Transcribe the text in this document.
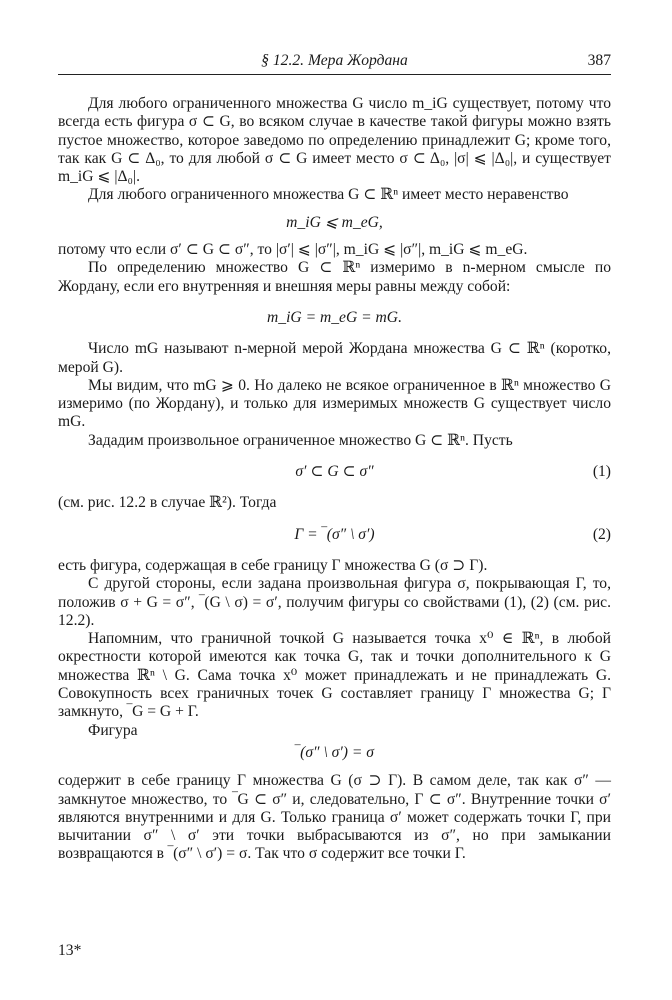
§ 12.2. Мера Жордана	387

Для любого ограниченного множества G число m_iG существует, потому что всегда есть фигура σ ⊂ G, во всяком случае в качестве такой фигуры можно взять пустое множество, которое заведомо по определению принадлежит G; кроме того, так как G ⊂ Δ₀, то для любой σ ⊂ G имеет место σ ⊂ Δ₀, |σ| ⩽ |Δ₀|, и существует m_iG ⩽ |Δ₀|.

Для любого ограниченного множества G ⊂ ℝⁿ имеет место неравенство

m_iG ⩽ m_eG,

потому что если σ′ ⊂ G ⊂ σ″, то |σ′| ⩽ |σ″|, m_iG ⩽ |σ″|, m_iG ⩽ m_eG.

По определению множество G ⊂ ℝⁿ измеримо в n-мерном смысле по Жордану, если его внутренняя и внешняя меры равны между собой:

m_iG = m_eG = mG.

Число mG называют n-мерной мерой Жордана множества G ⊂ ℝⁿ (коротко, мерой G).

Мы видим, что mG ⩾ 0. Но далеко не всякое ограниченное в ℝⁿ множество G измеримо (по Жордану), и только для измеримых множеств G существует число mG.

Зададим произвольное ограниченное множество G ⊂ ℝⁿ. Пусть

σ′ ⊂ G ⊂ σ″	(1)

(см. рис. 12.2 в случае ℝ²). Тогда

Γ = ‾(σ″ \ σ′)	(2)

есть фигура, содержащая в себе границу Γ множества G (σ ⊃ Γ).

С другой стороны, если задана произвольная фигура σ, покрывающая Γ, то, положив σ + G = σ″, ‾(G \ σ) = σ′, получим фигуры со свойствами (1), (2) (см. рис. 12.2).

Напомним, что граничной точкой G называется точка x⁰ ∈ ℝⁿ, в любой окрестности которой имеются как точка G, так и точки дополнительного к G множества ℝⁿ \ G. Сама точка x⁰ может принадлежать и не принадлежать G. Совокупность всех граничных точек G составляет границу Γ множества G; Γ замкнуто, ‾G = G + Γ.

Фигура

‾(σ″ \ σ′) = σ

содержит в себе границу Γ множества G (σ ⊃ Γ). В самом деле, так как σ″ — замкнутое множество, то ‾G ⊂ σ″ и, следовательно, Γ ⊂ σ″. Внутренние точки σ′ являются внутренними и для G. Только граница σ′ может содержать точки Γ, при вычитании σ″ \ σ′ эти точки выбрасываются из σ″, но при замыкании возвращаются в ‾(σ″ \ σ′) = σ. Так что σ содержит все точки Γ.

13*
